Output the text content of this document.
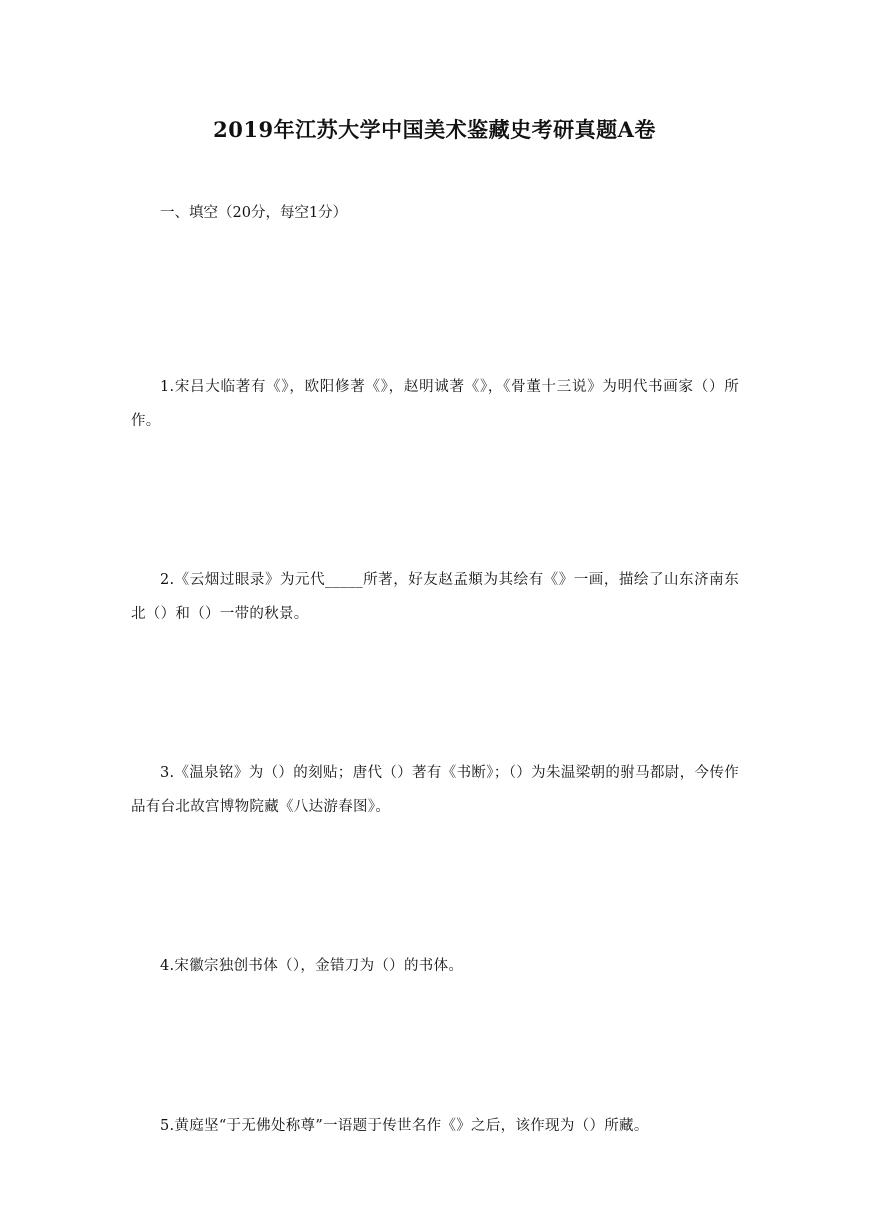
2019年江苏大学中国美术鉴藏史考研真题A卷
一、填空（20分，每空1分）

1.宋吕大临著有《》，欧阳修著《》，赵明诚著《》，《骨董十三说》为明代书画家（）所作。

2.《云烟过眼录》为元代_____所著，好友赵孟頫为其绘有《》一画，描绘了山东济南东北（）和（）一带的秋景。

3.《温泉铭》为（）的刻贴；唐代（）著有《书断》；（）为朱温梁朝的驸马都尉，今传作品有台北故宫博物院藏《八达游春图》。

4.宋徽宗独创书体（），金错刀为（）的书体。

5.黄庭坚“于无佛处称尊”一语题于传世名作《》之后，该作现为（）所藏。
